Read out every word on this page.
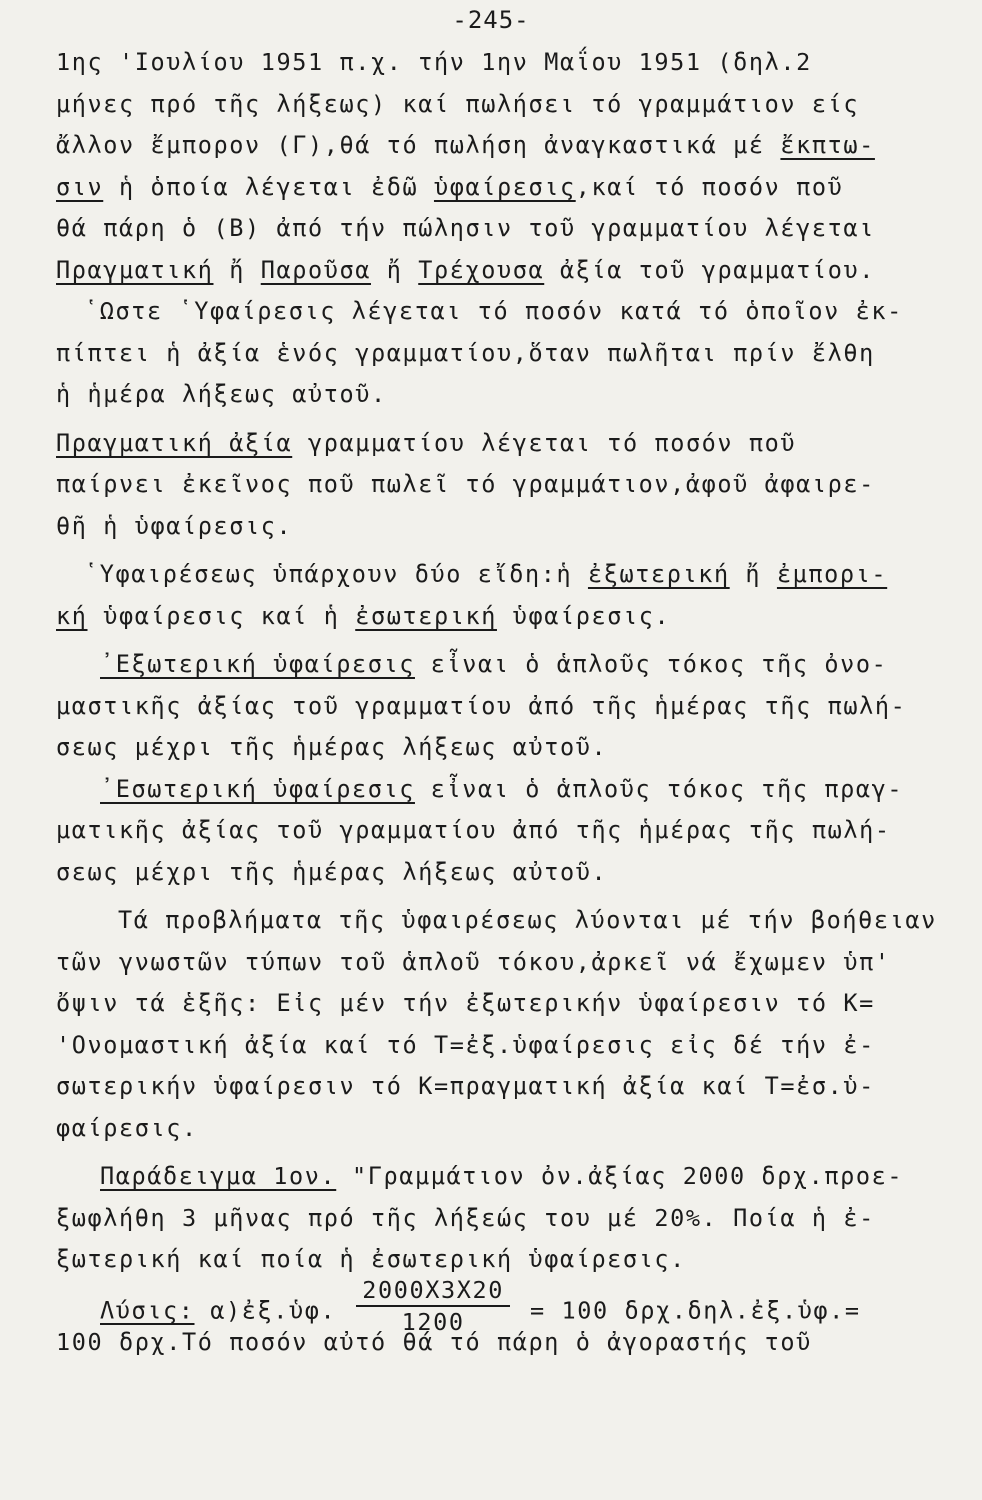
-245-
1ης 'Ιουλίου 1951 π.χ. τήν 1ην Μαΐου 1951 (δηλ.2
μήνες πρό τῆς λήξεως) καί πωλήσει τό γραμμάτιον είς
ἄλλον ἔμπορον (Γ),θά τό πωλήση ἀναγκαστικά μέ ἔκπτω-
σιν ἡ ὁποία λέγεται ἐδῶ ὑφαίρεσις,καί τό ποσόν ποῦ
θά πάρη ὁ (Β) ἀπό τήν πώλησιν τοῦ γραμματίου λέγεται
Πραγματική ἤ Παροῦσα ἤ Τρέχουσα ἀξία τοῦ γραμματίου.
῾Ωστε ῾Υφαίρεσις λέγεται τό ποσόν κατά τό ὁποῖον ἐκ-
πίπτει ἡ ἀξία ἑνός γραμματίου,ὅταν πωλῆται πρίν ἔλθη
ἡ ἡμέρα λήξεως αὐτοῦ.
Πραγματική ἀξία γραμματίου λέγεται τό ποσόν ποῦ
παίρνει ἐκεῖνος ποῦ πωλεῖ τό γραμμάτιον,ἀφοῦ ἀφαιρε-
θῆ ἡ ὑφαίρεσις.
῾Υφαιρέσεως ὑπάρχουν δύο εἴδη:ἡ ἐξωτερική ἤ ἐμπορι-
κή ὑφαίρεσις καί ἡ ἐσωτερική ὑφαίρεσις.
᾿Εξωτερική ὑφαίρεσις εἶναι ὁ ἁπλοῦς τόκος τῆς ὀνο-
μαστικῆς ἀξίας τοῦ γραμματίου ἀπό τῆς ἡμέρας τῆς πωλή-
σεως μέχρι τῆς ἡμέρας λήξεως αὐτοῦ.
᾿Εσωτερική ὑφαίρεσις εἶναι ὁ ἁπλοῦς τόκος τῆς πραγ-
ματικῆς ἀξίας τοῦ γραμματίου ἀπό τῆς ἡμέρας τῆς πωλή-
σεως μέχρι τῆς ἡμέρας λήξεως αὐτοῦ.
Τά προβλήματα τῆς ὑφαιρέσεως λύονται μέ τήν βοήθειαν
τῶν γνωστῶν τύπων τοῦ ἁπλοῦ τόκου,ἀρκεῖ νά ἔχωμεν ὑπ'
ὄψιν τά ἑξῆς: Εἰς μέν τήν ἐξωτερικήν ὑφαίρεσιν τό Κ=
'Ονομαστική ἀξία καί τό Τ=ἐξ.ὑφαίρεσις εἰς δέ τήν ἐ-
σωτερικήν ὑφαίρεσιν τό Κ=πραγματική ἀξία καί Τ=ἐσ.ὑ-
φαίρεσις.
Παράδειγμα 1ον. "Γραμμάτιον ὀν.ἀξίας 2000 δρχ.προε-
ξωφλήθη 3 μῆνας πρό τῆς λήξεώς του μέ 20%. Ποία ἡ ἐ-
ξωτερική καί ποία ἡ ἐσωτερική ὑφαίρεσις.
Λύσις: α)ἐξ.ὑφ. $\frac{2000X3X20}{1200} = 100$ δρχ.δηλ.ἐξ.ὑφ.=
100 δρχ.Τό ποσόν αὐτό θά τό πάρη ὁ ἀγοραστής τοῦ
